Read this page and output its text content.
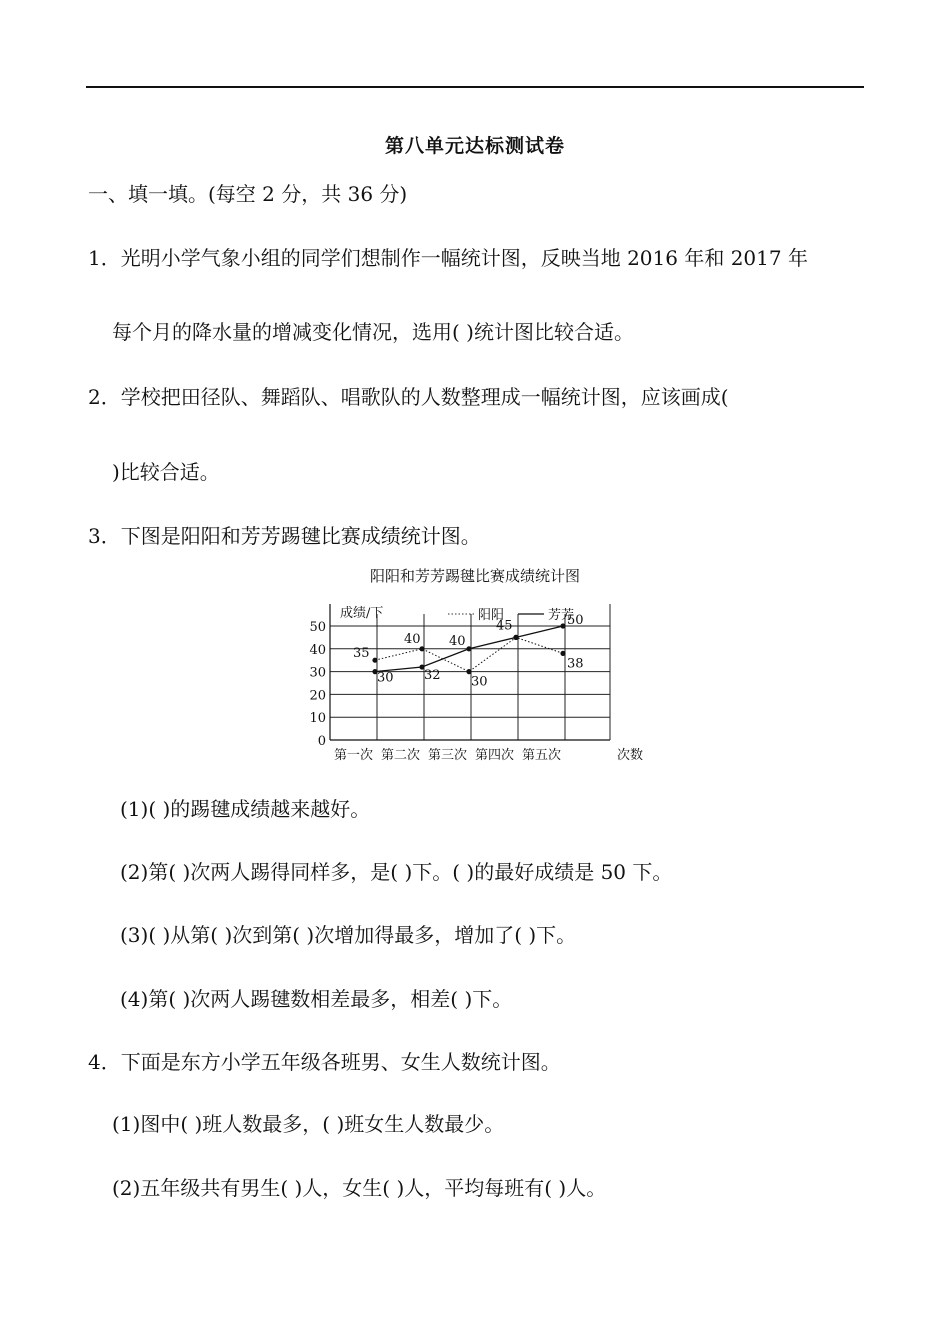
第八单元达标测试卷
一、填一填。(每空 2 分，共 36 分)
1．光明小学气象小组的同学们想制作一幅统计图，反映当地 2016 年和 2017 年
每个月的降水量的增减变化情况，选用( )统计图比较合适。
2．学校把田径队、舞蹈队、唱歌队的人数整理成一幅统计图，应该画成(
)比较合适。
3．下图是阳阳和芳芳踢毽比赛成绩统计图。
阳阳和芳芳踢毽比赛成绩统计图
0
10
20
30
40
50
成绩/下
第一次 第二次 第三次 第四次 第五次	次数
阳阳	芳芳
35
30
40
32
40
30
45	50
38
(1)( )的踢毽成绩越来越好。
(2)第( )次两人踢得同样多，是( )下。( )的最好成绩是 50 下。
(3)( )从第( )次到第( )次增加得最多，增加了( )下。
(4)第( )次两人踢毽数相差最多，相差( )下。
4．下面是东方小学五年级各班男、女生人数统计图。
(1)图中( )班人数最多，( )班女生人数最少。
(2)五年级共有男生( )人，女生( )人，平均每班有( )人。
